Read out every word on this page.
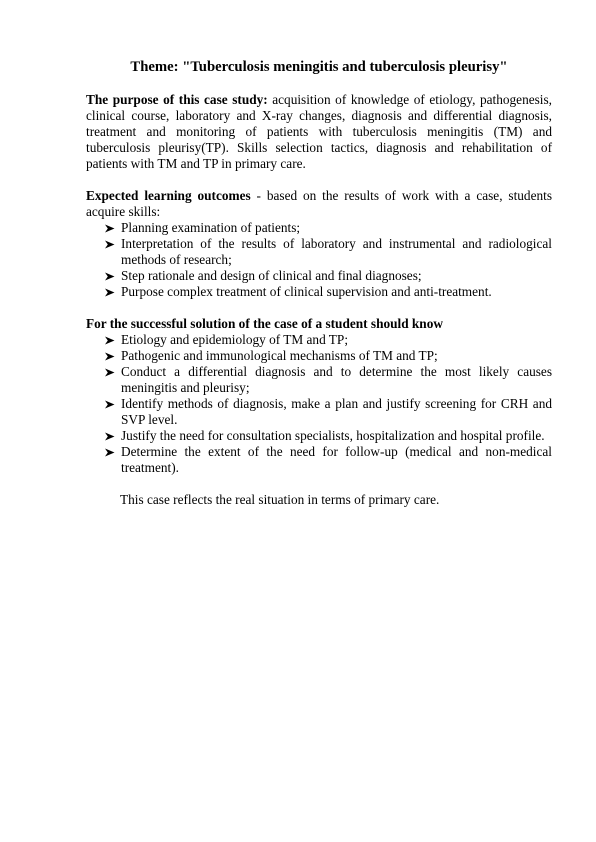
Theme: "Tuberculosis meningitis and tuberculosis pleurisy"

The purpose of this case study: acquisition of knowledge of etiology, pathogenesis, clinical course, laboratory and X-ray changes, diagnosis and differential diagnosis, treatment and monitoring of patients with tuberculosis meningitis (TM) and tuberculosis pleurisy(TP). Skills selection tactics, diagnosis and rehabilitation of patients with TM and TP in primary care.

Expected learning outcomes - based on the results of work with a case, students acquire skills:

Planning examination of patients;
Interpretation of the results of laboratory and instrumental and radiological methods of research;
Step rationale and design of clinical and final diagnoses;
Purpose complex treatment of clinical supervision and anti-treatment.

For the successful solution of the case of a student should know

Etiology and epidemiology of TM and TP;
Pathogenic and immunological mechanisms of TM and TP;
Conduct a differential diagnosis and to determine the most likely causes meningitis and pleurisy;
Identify methods of diagnosis, make a plan and justify screening for CRH and SVP level.
Justify the need for consultation specialists, hospitalization and hospital profile.
Determine the extent of the need for follow-up (medical and non-medical treatment).

This case reflects the real situation in terms of primary care.
